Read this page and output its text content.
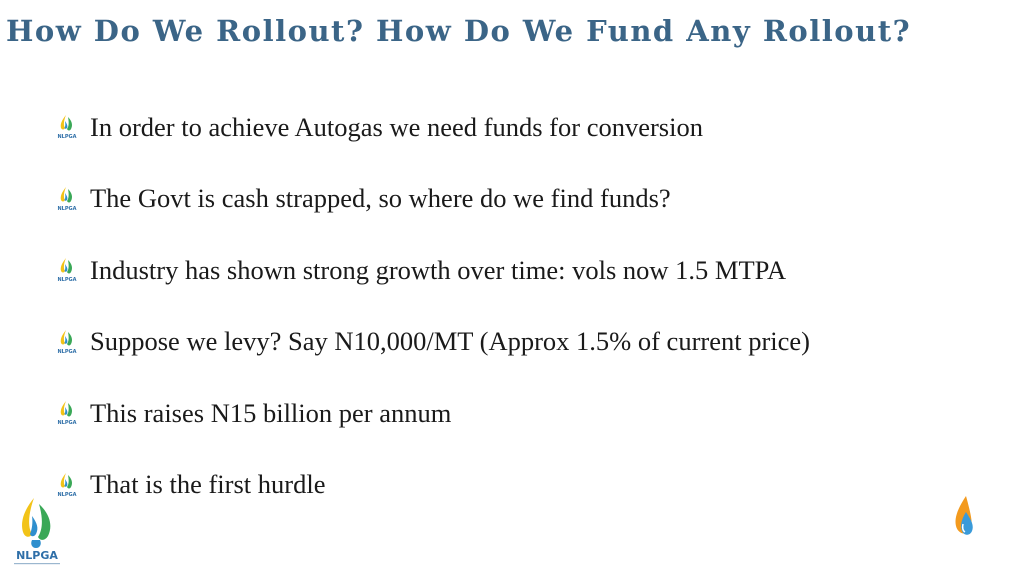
How Do We Rollout? How Do We Fund Any Rollout?
NLPGA In order to achieve Autogas we need funds for conversion
NLPGA The Govt is cash strapped, so where do we find funds?
NLPGA Industry has shown strong growth over time: vols now 1.5 MTPA
NLPGA Suppose we levy? Say N10,000/MT (Approx 1.5% of current price)
NLPGA This raises N15 billion per annum
NLPGA That is the first hurdle
NLPGA
